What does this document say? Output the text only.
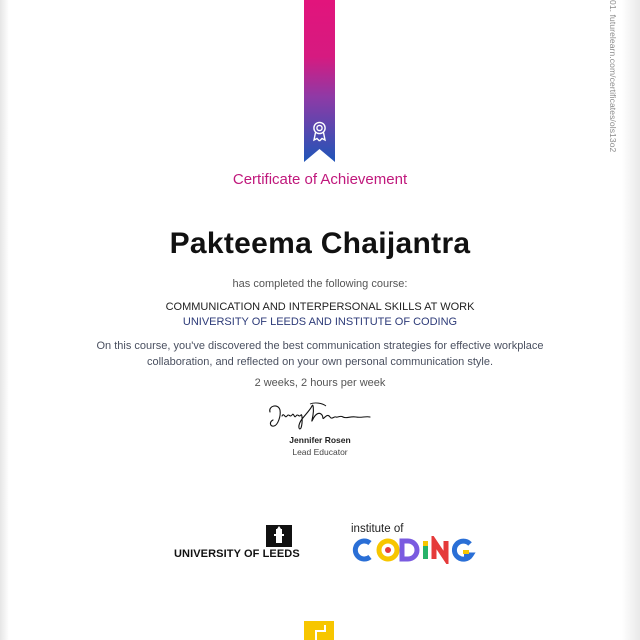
01. futurelearn.com/certificates/ols13o2
Certificate of Achievement
Pakteema Chaijantra
has completed the following course:
COMMUNICATION AND INTERPERSONAL SKILLS AT WORK
UNIVERSITY OF LEEDS AND INSTITUTE OF CODING
On this course, you've discovered the best communication strategies for effective workplace
collaboration, and reflected on your own personal communication style.
2 weeks, 2 hours per week
Jennifer Rosen
Lead Educator
UNIVERSITY OF LEEDS
institute of
